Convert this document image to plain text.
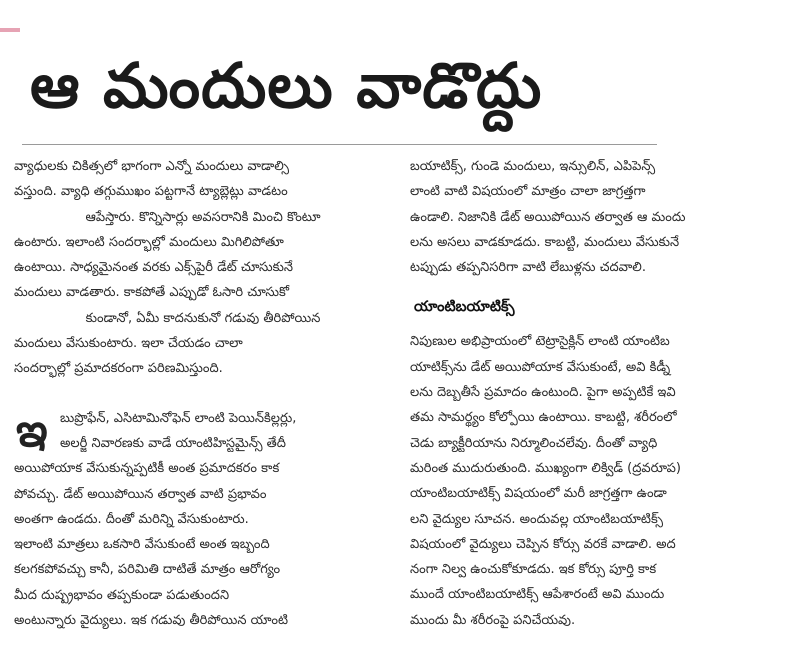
ఆ మందులు వాడొద్దు
వ్యాధులకు చికిత్సలో భాగంగా ఎన్నో మందులు వాడాల్సి
వస్తుంది. వ్యాధి తగ్గుముఖం పట్టగానే ట్యాబ్లెట్లు వాడటం
ఆపేస్తారు. కొన్నిసార్లు అవసరానికి మించి కొంటూ
ఉంటారు. ఇలాంటి సందర్భాల్లో మందులు మిగిలిపోతూ
ఉంటాయి. సాధ్యమైనంత వరకు ఎక్స్‌పైరీ డేట్ చూసుకునే
మందులు వాడతారు. కాకపోతే ఎప్పుడో ఓసారి చూసుకో
కుండానో, ఏమీ కాదనుకునో గడువు తీరిపోయిన
మందులు వేసుకుంటారు. ఇలా చేయడం చాలా
సందర్భాల్లో ప్రమాదకరంగా పరిణమిస్తుంది.
ఇ బుప్రొఫేన్, ఎసిటామినోఫెన్ లాంటి పెయిన్‌కిల్లర్లు,
అలర్జీ నివారణకు వాడే యాంటిహిస్టమైన్స్ తేదీ
అయిపోయాక వేసుకున్నప్పటికీ అంత ప్రమాదకరం కాక
పోవచ్చు. డేట్ అయిపోయిన తర్వాత వాటి ప్రభావం
అంతగా ఉండదు. దీంతో మరిన్ని వేసుకుంటారు.
ఇలాంటి మాత్రలు ఒకసారి వేసుకుంటే అంత ఇబ్బంది
కలగకపోవచ్చు కానీ, పరిమితి దాటితే మాత్రం ఆరోగ్యం
మీద దుష్ప్రభావం తప్పకుండా పడుతుందని
అంటున్నారు వైద్యులు. ఇక గడువు తీరిపోయిన యాంటి
బయాటిక్స్, గుండె మందులు, ఇన్సులిన్, ఎపిపెన్స్
లాంటి వాటి విషయంలో మాత్రం చాలా జాగ్రత్తగా
ఉండాలి. నిజానికి డేట్ అయిపోయిన తర్వాత ఆ మందు
లను అసలు వాడకూడదు. కాబట్టి, మందులు వేసుకునే
టప్పుడు తప్పనిసరిగా వాటి లేబుళ్లను చదవాలి.
యాంటిబయాటిక్స్
నిపుణుల అభిప్రాయంలో టెట్రాసైక్లిన్ లాంటి యాంటిబ
యాటిక్స్‌ను డేట్ అయిపోయాక వేసుకుంటే, అవి కిడ్నీ
లను దెబ్బతీసే ప్రమాదం ఉంటుంది. పైగా అప్పటికే ఇవి
తమ సామర్థ్యం కోల్పోయి ఉంటాయి. కాబట్టి, శరీరంలో
చెడు బ్యాక్టీరియాను నిర్మూలించలేవు. దీంతో వ్యాధి
మరింత ముదురుతుంది. ముఖ్యంగా లిక్విడ్ (ద్రవరూప)
యాంటిబయాటిక్స్ విషయంలో మరీ జాగ్రత్తగా ఉండా
లని వైద్యుల సూచన. అందువల్ల యాంటిబయాటిక్స్
విషయంలో వైద్యులు చెప్పిన కోర్సు వరకే వాడాలి. అద
నంగా నిల్వ ఉంచుకోకూడదు. ఇక కోర్సు పూర్తి కాక
ముందే యాంటిబయాటిక్స్ ఆపేశారంటే అవి ముందు
ముందు మీ శరీరంపై పనిచేయవు.
